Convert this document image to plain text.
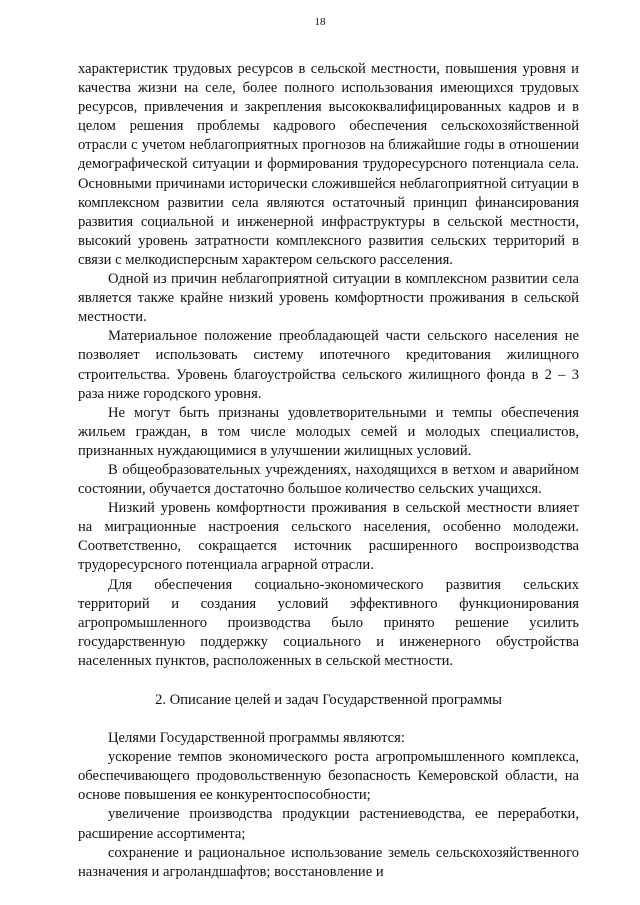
18

характеристик трудовых ресурсов в сельской местности, повышения уровня и качества жизни на селе, более полного использования имеющихся трудовых ресурсов, привлечения и закрепления высококвалифицированных кадров и в целом решения проблемы кадрового обеспечения сельскохозяйственной отрасли с учетом неблагоприятных прогнозов на ближайшие годы в отношении демографической ситуации и формирования трудоресурсного потенциала села. Основными причинами исторически сложившейся неблагоприятной ситуации в комплексном развитии села являются остаточный принцип финансирования развития социальной и инженерной инфраструктуры в сельской местности, высокий уровень затратности комплексного развития сельских территорий в связи с мелкодисперсным характером сельского расселения.

Одной из причин неблагоприятной ситуации в комплексном развитии села является также крайне низкий уровень комфортности проживания в сельской местности.

Материальное положение преобладающей части сельского населения не позволяет использовать систему ипотечного кредитования жилищного строительства. Уровень благоустройства сельского жилищного фонда в 2 – 3 раза ниже городского уровня.

Не могут быть признаны удовлетворительными и темпы обеспечения жильем граждан, в том числе молодых семей и молодых специалистов, признанных нуждающимися в улучшении жилищных условий.

В общеобразовательных учреждениях, находящихся в ветхом и аварийном состоянии, обучается достаточно большое количество сельских учащихся.

Низкий уровень комфортности проживания в сельской местности влияет на миграционные настроения сельского населения, особенно молодежи. Соответственно, сокращается источник расширенного воспроизводства трудоресурсного потенциала аграрной отрасли.

Для обеспечения социально-экономического развития сельских территорий и создания условий эффективного функционирования агропромышленного производства было принято решение усилить государственную поддержку социального и инженерного обустройства населенных пунктов, расположенных в сельской местности.

2. Описание целей и задач Государственной программы

Целями Государственной программы являются:

ускорение темпов экономического роста агропромышленного комплекса, обеспечивающего продовольственную безопасность Кемеровской области, на основе повышения ее конкурентоспособности;

увеличение производства продукции растениеводства, ее переработки, расширение ассортимента;

сохранение и рациональное использование земель сельскохозяйственного назначения и агроландшафтов; восстановление и
